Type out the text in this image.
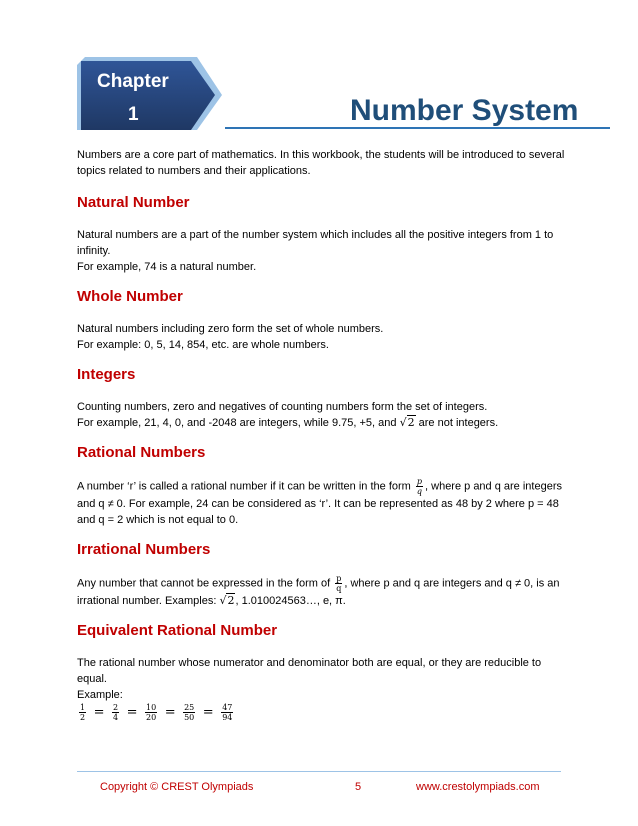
Chapter
1	Number System

Numbers are a core part of mathematics. In this workbook, the students will be introduced to several topics related to numbers and their applications.

Natural Number

Natural numbers are a part of the number system which includes all the positive integers from 1 to infinity.

For example, 74 is a natural number.

Whole Number

Natural numbers including zero form the set of whole numbers.

For example: 0, 5, 14, 854, etc. are whole numbers.

Integers

Counting numbers, zero and negatives of counting numbers form the set of integers.

For example, 21, 4, 0, and -2048 are integers, while 9.75, +5, and √2 are not integers.

Rational Numbers

A number ‘r’ is called a rational number if it can be written in the form $\frac{p}{q}$ , where p and q are integers

and q ≠ 0. For example, 24 can be considered as ‘r’. It can be represented as 48 by 2 where p = 48 and q = 2 which is not equal to 0.

Irrational Numbers

Any number that cannot be expressed in the form of $\frac{p}{q}$ , where p and q are integers and q ≠ 0, is an

irrational number. Examples: √2, 1.010024563…, e, π.

Equivalent Rational Number

The rational number whose numerator and denominator both are equal, or they are reducible to equal.

Example:

$\frac{1}{2} = \frac{2}{4} = \frac{10}{20} = \frac{25}{50} = \frac{47}{94}$

Copyright © CREST Olympiads	5	www.crestolympiads.com
